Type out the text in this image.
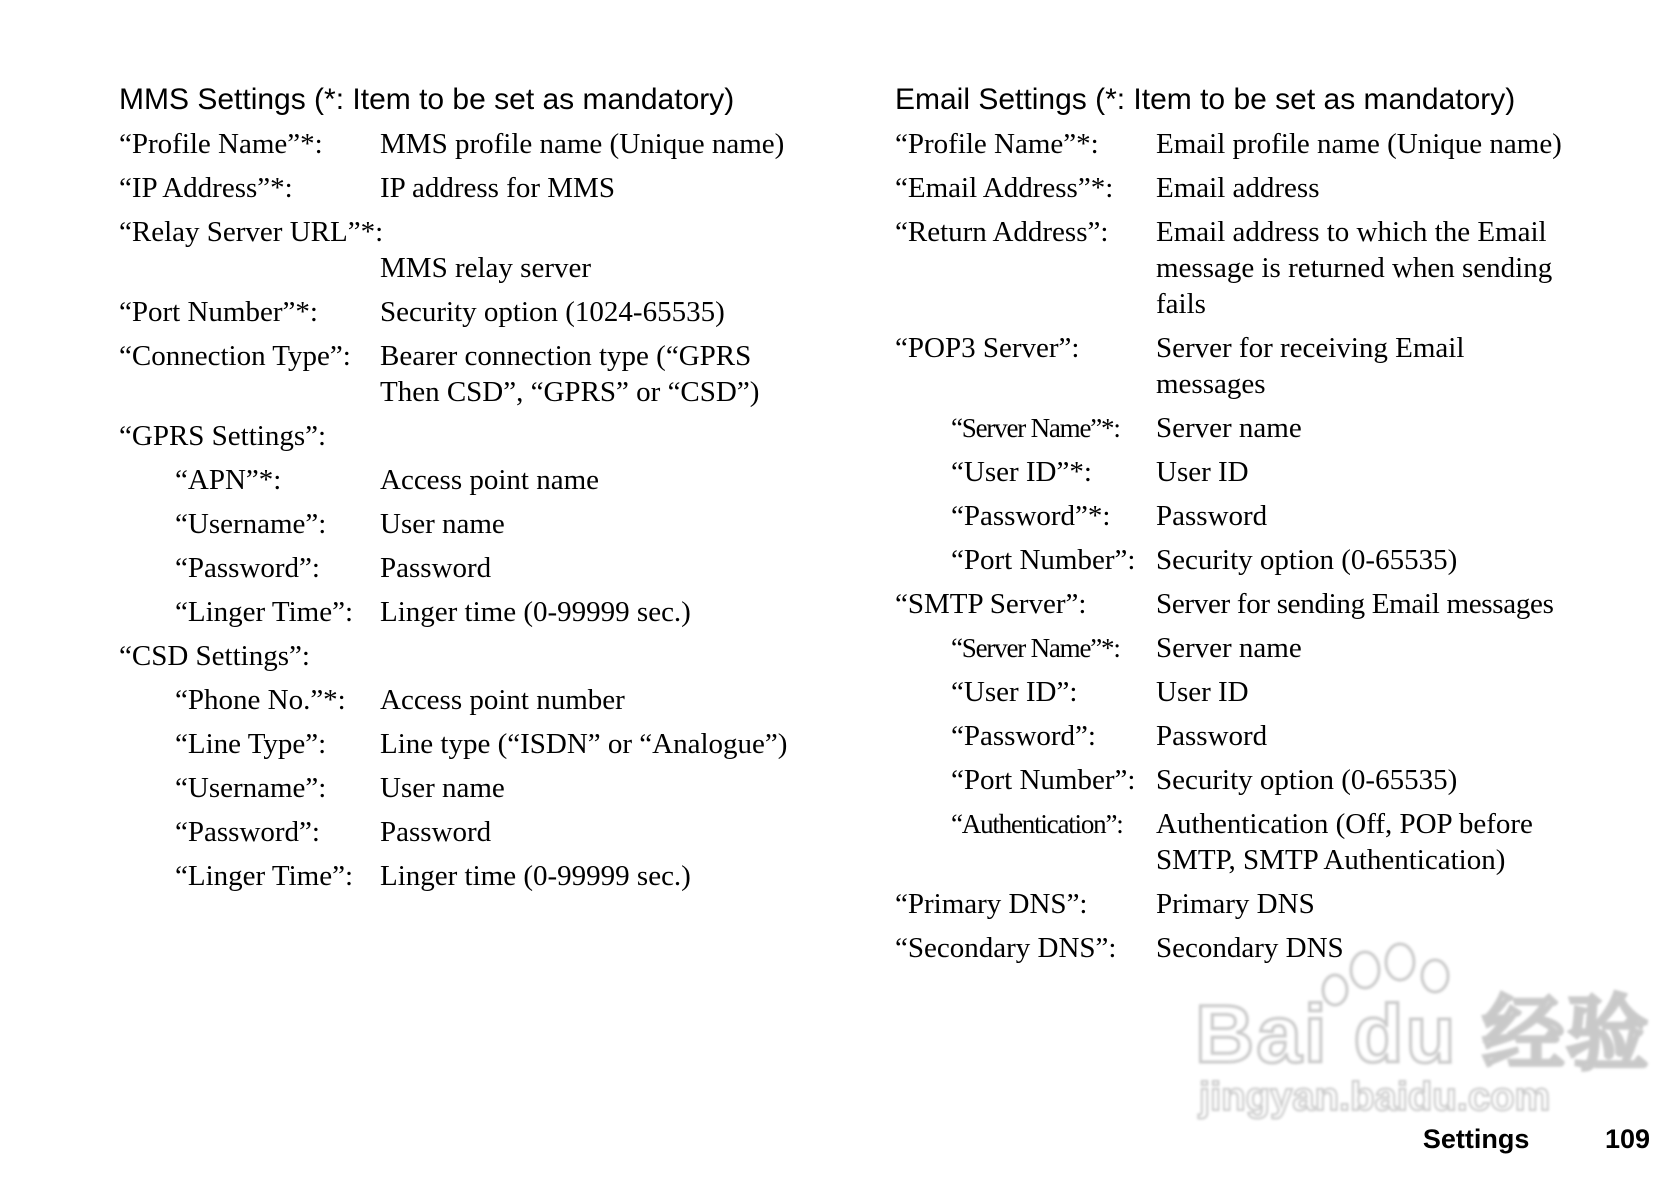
MMS Settings (*: Item to be set as mandatory)
“Profile Name”*:	MMS profile name (Unique name)
“IP Address”*:	IP address for MMS
“Relay Server URL”*:
MMS relay server
“Port Number”*:	Security option (1024-65535)
“Connection Type”:	Bearer connection type (“GPRS Then CSD”, “GPRS” or “CSD”)
“GPRS Settings”:
“APN”*:	Access point name
“Username”:	User name
“Password”:	Password
“Linger Time”: Linger time (0-99999 sec.)
“CSD Settings”:
“Phone No.”*:	Access point number
“Line Type”:	Line type (“ISDN” or “Analogue”)
“Username”:	User name
“Password”:	Password
“Linger Time”: Linger time (0-99999 sec.)
Email Settings (*: Item to be set as mandatory)
“Profile Name”*:	Email profile name (Unique name)
“Email Address”*:	Email address
“Return Address”:	Email address to which the Email message is returned when sending fails
“POP3 Server”:	Server for receiving Email messages
“Server Name”*:	Server name
“User ID”*:	User ID
“Password”*:	Password
“Port Number”: Security option (0-65535)
“SMTP Server”:	Server for sending Email messages
“Server Name”*:	Server name
“User ID”:	User ID
“Password”:	Password
“Port Number”: Security option (0-65535)
“Authentication”:	Authentication (Off, POP before SMTP, SMTP Authentication)
“Primary DNS”:	Primary DNS
“Secondary DNS”:	Secondary DNS
Bai du 经验
jingyan.baidu.com
Settings	109
